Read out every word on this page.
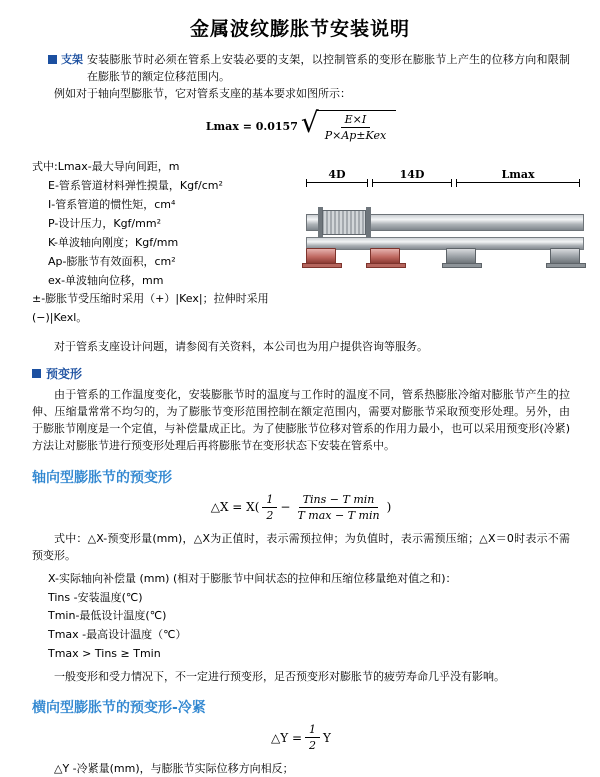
金属波纹膨胀节安装说明
支架 安装膨胀节时必须在管系上安装必要的支架，以控制管系的变形在膨胀节上产生的位移方向和限制在膨胀节的额定位移范围内。

例如对于轴向型膨胀节，它对管系支座的基本要求如图所示：

Lmax = 0.0157 √ $\frac{E\times I}{\text{P×Ap±Kex}}$
式中:Lmax-最大导向间距，m
E-管系管道材料弹性摸量，Kgf/cm²
I-管系管道的惯性矩，cm⁴
P-设计压力，Kgf/mm²
K-单波轴向刚度；Kgf/mm
Ap-膨胀节有效面积，cm²
ex-单波轴向位移，mm
±-膨胀节受压缩时采用（+）|Kex|；拉伸时采用(−)|Kexl。
4D	14D	Lmax

对于管系支座设计问题，请参阅有关资料，本公司也为用户提供咨询等服务。

预变形

由于管系的工作温度变化，安装膨胀节时的温度与工作时的温度不同，管系热膨胀冷缩对膨胀节产生的拉伸、压缩量常常不均匀的，为了膨胀节变形范围控制在额定范围内，需要对膨胀节采取预变形处理。另外，由于膨胀节刚度是一个定值，与补偿量成正比。为了使膨胀节位移对管系的作用力最小，也可以采用预变形(冷紧)方法让对膨胀节进行预变形处理后再将膨胀节在变形状态下安装在管系中。

轴向型膨胀节的预变形
△X = $X( \frac{1}{2} - \frac{\text{Tins − T min}}{\text{T max − T min}}$ )

式中：△X-预变形量(mm)，△X为正值时，表示需预拉伸；为负值时，表示需预压缩；△X＝0时表示不需预变形。

X-实际轴向补偿量 (mm) (相对于膨胀节中间状态的拉伸和压缩位移量绝对值之和)：
Tins -安装温度(℃)
Tmin-最低设计温度(℃)
Tmax -最高设计温度（℃）
Tmax > Tins ≥ Tmin

一般变形和受力情况下，不一定进行预变形，足否预变形对膨胀节的疲劳寿命几乎没有影响。

横向型膨胀节的预变形-冷紧
△Y = $\frac{1}{2}$ Y

△Y -冷紧量(mm)，与膨胀节实际位移方向相反；
